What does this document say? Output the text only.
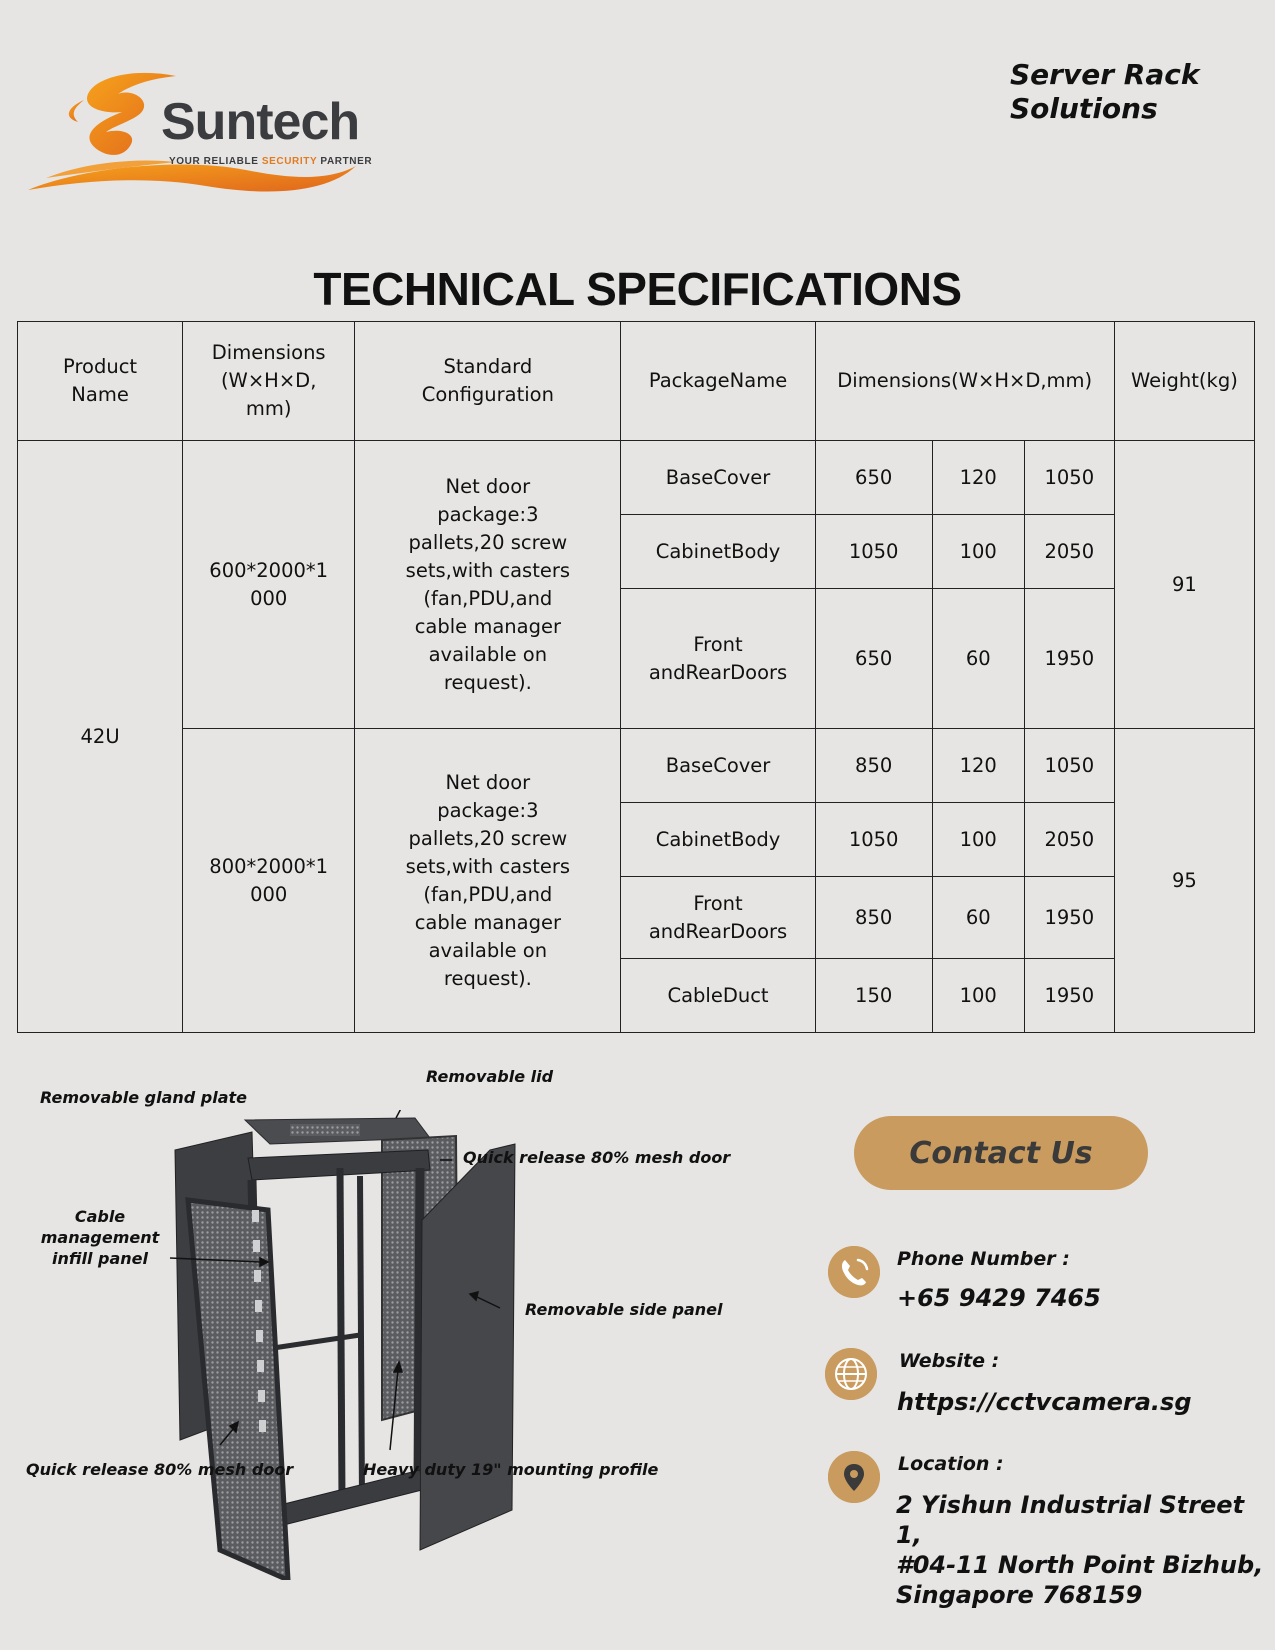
Suntech
YOUR RELIABLE SECURITY PARTNER
Server Rack
Solutions
TECHNICAL SPECIFICATIONS
Product Name	Dimensions (W×H×D, mm)	Standard Configuration	PackageName	Dimensions(W×H×D,mm)			Weight(kg)
42U	600*2000*1000	Net door package:3 pallets,20 screw sets,with casters (fan,PDU,and cable manager available on request).	BaseCover	650	120	1050	91
			CabinetBody	1050	100	2050	
			Front andRearDoors	650	60	1950	
	800*2000*1000	Net door package:3 pallets,20 screw sets,with casters (fan,PDU,and cable manager available on request).	BaseCover	850	120	1050	95
			CabinetBody	1050	100	2050	
			Front andRearDoors	850	60	1950	
			CableDuct	150	100	1950	
Removable lid
Removable gland plate
Quick release 80% mesh door
Cable management infill panel
Removable side panel
Quick release 80% mesh door	Heavy duty 19" mounting profile
Contact Us
Phone Number :
+65 9429 7465
Website :
https://cctvcamera.sg
Location :
2 Yishun Industrial Street 1,
#04-11 North Point Bizhub,
Singapore 768159
